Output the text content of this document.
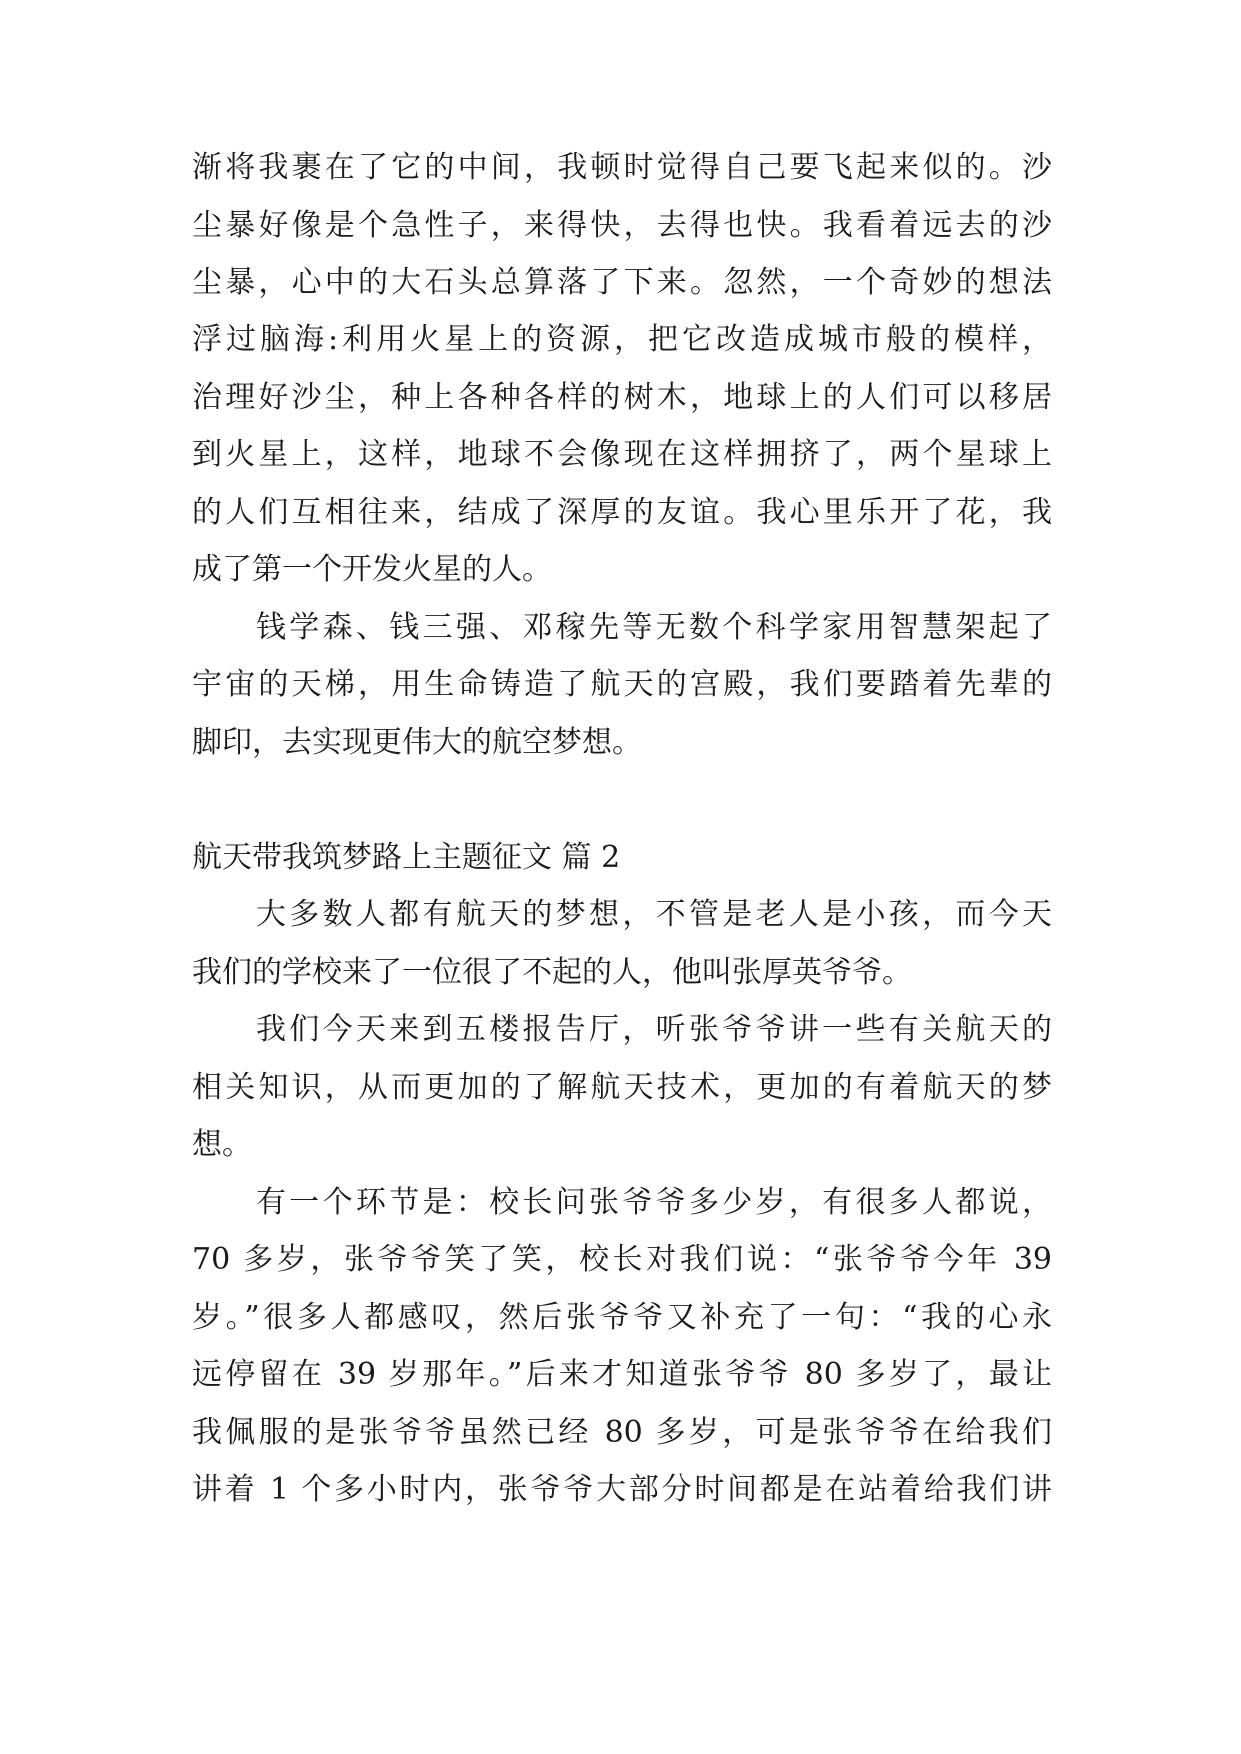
渐将我裹在了它的中间，我顿时觉得自己要飞起来似的。沙
尘暴好像是个急性子，来得快，去得也快。我看着远去的沙
尘暴，心中的大石头总算落了下来。忽然，一个奇妙的想法
浮过脑海:利用火星上的资源，把它改造成城市般的模样，
治理好沙尘，种上各种各样的树木，地球上的人们可以移居
到火星上，这样，地球不会像现在这样拥挤了，两个星球上
的人们互相往来，结成了深厚的友谊。我心里乐开了花，我
成了第一个开发火星的人。
钱学森、钱三强、邓稼先等无数个科学家用智慧架起了
宇宙的天梯，用生命铸造了航天的宫殿，我们要踏着先辈的
脚印，去实现更伟大的航空梦想。
航天带我筑梦路上主题征文 篇 2
大多数人都有航天的梦想，不管是老人是小孩，而今天
我们的学校来了一位很了不起的人，他叫张厚英爷爷。
我们今天来到五楼报告厅，听张爷爷讲一些有关航天的
相关知识，从而更加的了解航天技术，更加的有着航天的梦
想。
有一个环节是：校长问张爷爷多少岁，有很多人都说，
70 多岁，张爷爷笑了笑，校长对我们说：“张爷爷今年 39
岁。”很多人都感叹，然后张爷爷又补充了一句：“我的心永
远停留在 39 岁那年。”后来才知道张爷爷 80 多岁了，最让
我佩服的是张爷爷虽然已经 80 多岁，可是张爷爷在给我们
讲着 1 个多小时内，张爷爷大部分时间都是在站着给我们讲
